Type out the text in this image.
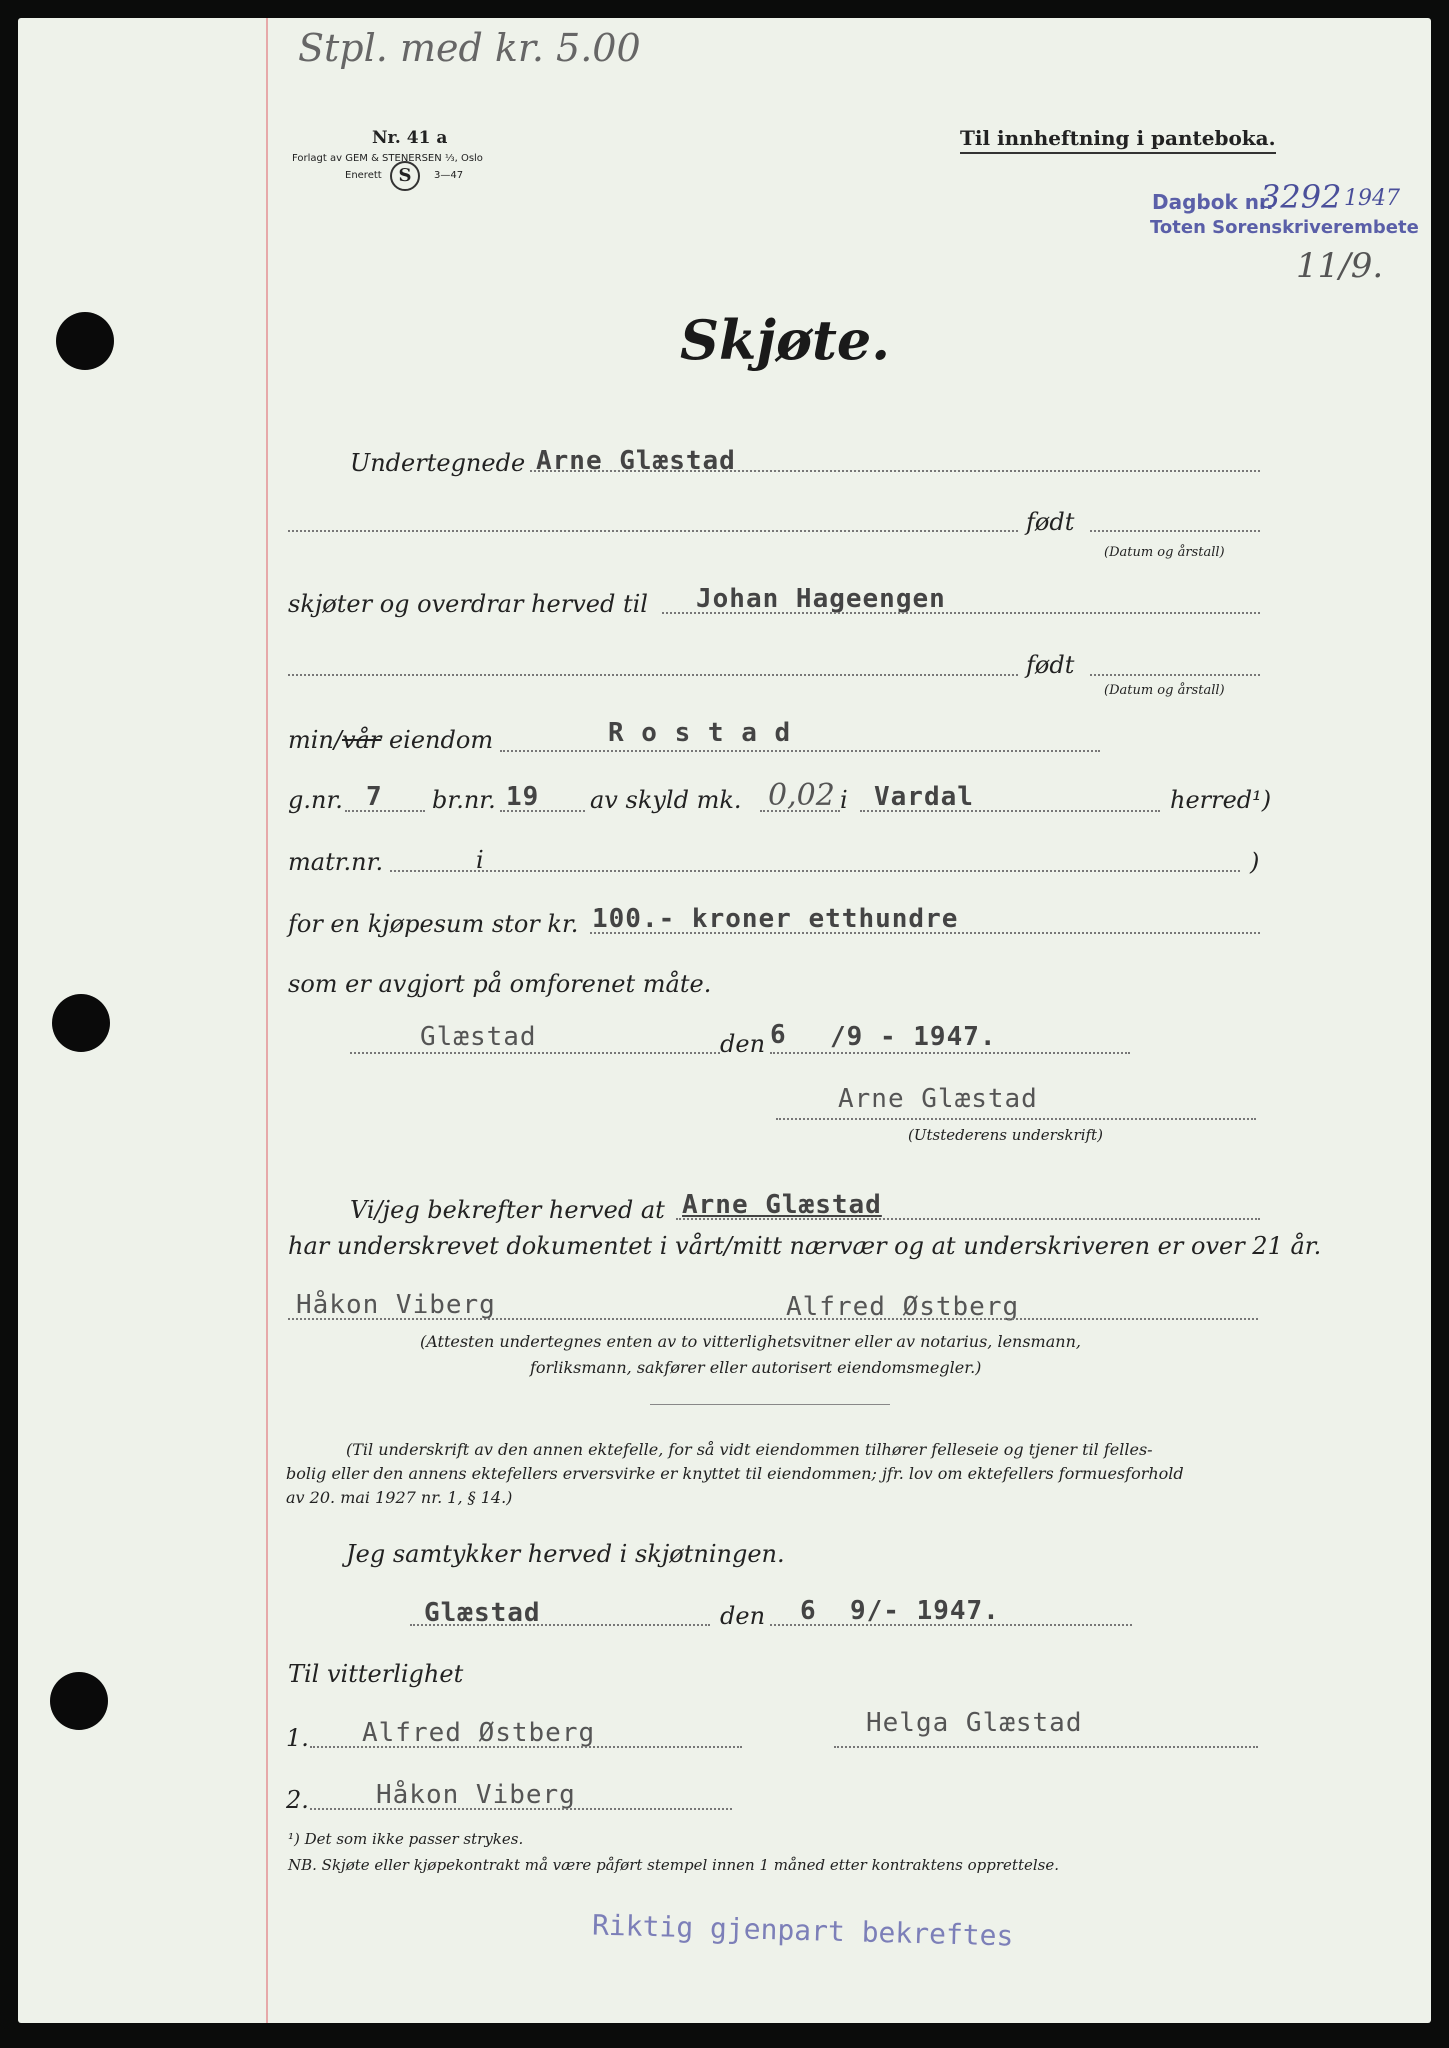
Stpl. med kr. 5.00
Nr. 41 a
Forlagt av GEM & STENERSEN ⅓, Oslo
Enerett S	3—47
Til innheftning i panteboka.
Dagbok nr.
3292 1947
Toten Sorenskriverembete
11/9.
Skjøte.
Undertegnede Arne Glæstad
født
(Datum og årstall)
skjøter og overdrar herved til Johan Hageengen
født
(Datum og årstall)
min/vår eiendom	R o s t a d
g.nr. 7 br.nr. 19 av skyld mk. 0,02 i Vardal	herred¹)
matr.nr.	i	)
for en kjøpesum stor kr. 100.- kroner etthundre
som er avgjort på omforenet måte.
Glæstad	den 6 /9 - 1947.
Arne Glæstad
(Utstederens underskrift)
Vi/jeg bekrefter herved at Arne Glæstad
har underskrevet dokumentet i vårt/mitt nærvær og at underskriveren er over 21 år.
Håkon Viberg	Alfred Østberg
(Attesten undertegnes enten av to vitterlighetsvitner eller av notarius, lensmann,
forliksmann, sakfører eller autorisert eiendomsmegler.)
(Til underskrift av den annen ektefelle, for så vidt eiendommen tilhører felleseie og tjener til felles-
bolig eller den annens ektefellers erversvirke er knyttet til eiendommen; jfr. lov om ektefellers formuesforhold
av 20. mai 1927 nr. 1, § 14.)
Jeg samtykker herved i skjøtningen.
Glæstad	den 6  9/- 1947.
Til vitterlighet
1. Alfred Østberg	Helga Glæstad
2.	Håkon Viberg
¹) Det som ikke passer strykes.
NB. Skjøte eller kjøpekontrakt må være påført stempel innen 1 måned etter kontraktens opprettelse.
Riktig gjenpart bekreftes
